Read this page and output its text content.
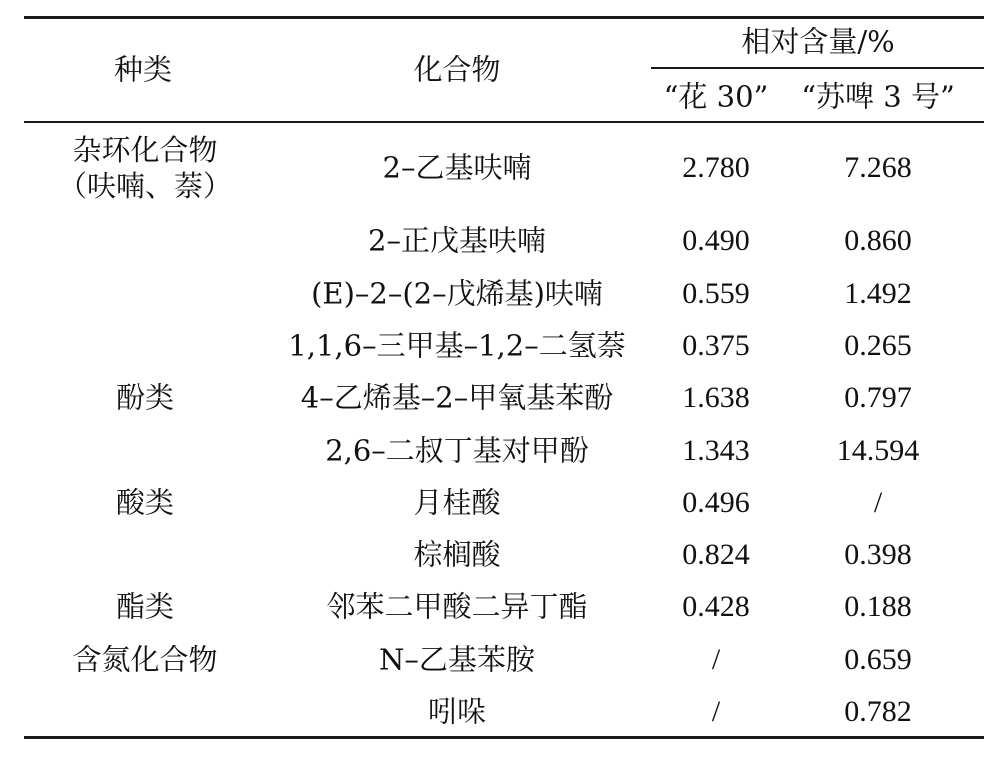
种类	化合物
相对含量/%
“花 30” “苏啤 3 号”
杂环化合物
（呋喃、萘）
2–乙基呋喃	2.780	7.268
2–正戊基呋喃	0.490	0.860
(E)–2–(2–戊烯基)呋喃	0.559	1.492
1,1,6–三甲基–1,2–二氢萘 0.375	0.265
酚类	4–乙烯基–2–甲氧基苯酚 1.638	0.797
2,6–二叔丁基对甲酚	1.343	14.594
酸类	月桂酸	0.496	/
棕榈酸	0.824	0.398
酯类	邻苯二甲酸二异丁酯	0.428	0.188
含氮化合物	N–乙基苯胺	/	0.659
吲哚	/	0.782
